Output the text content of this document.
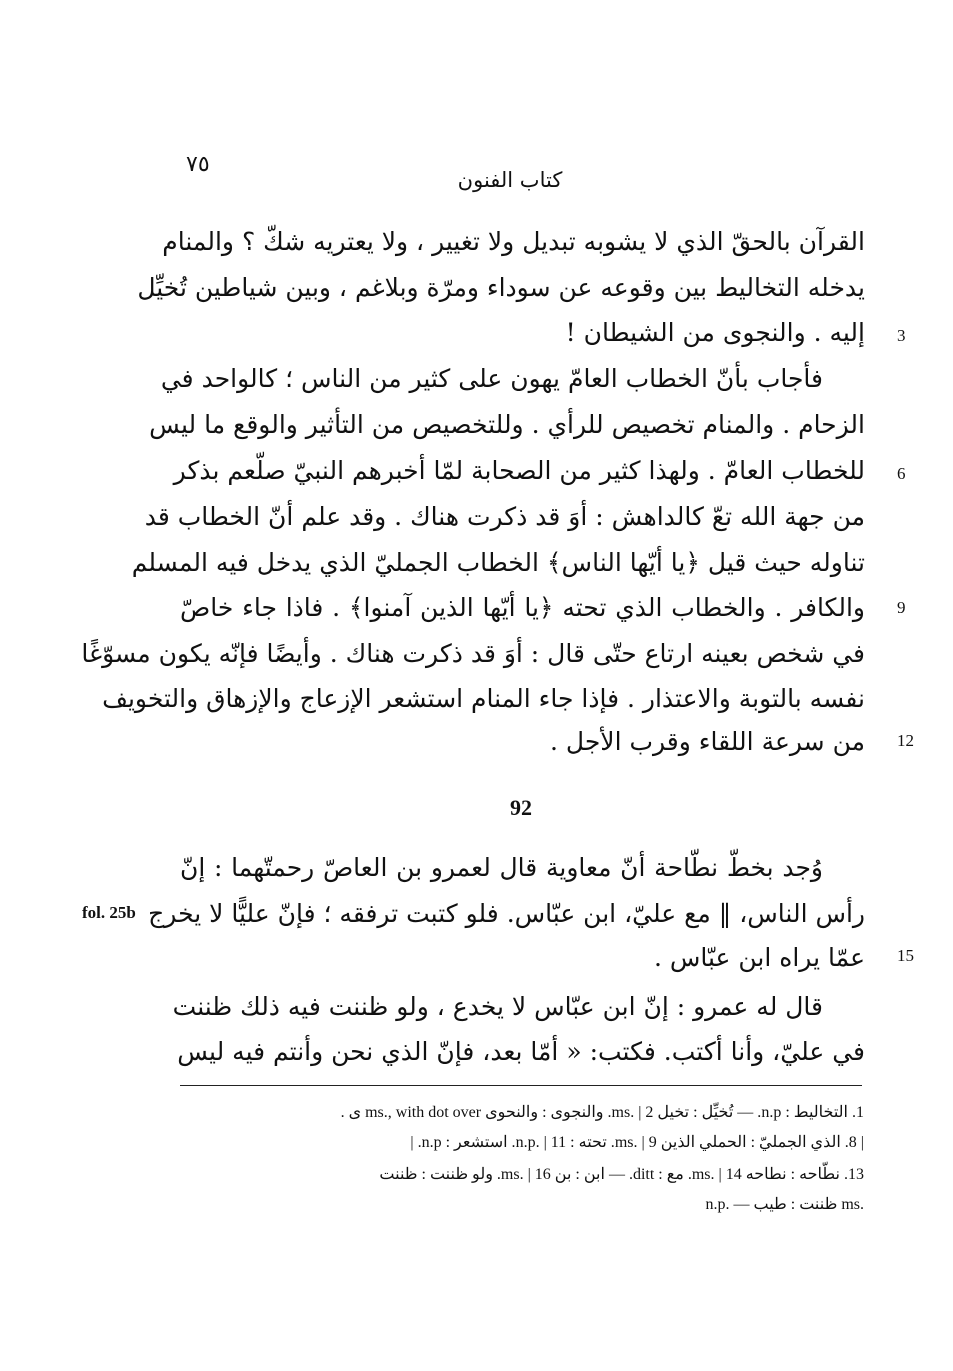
٧٥
كتاب الفنون
القرآن بالحقّ الذي لا يشوبه تبديل ولا تغيير ، ولا يعتريه شكّ ؟ والمنام
يدخله التخاليط بين وقوعه عن سوداء ومرّة وبلاغم ، وبين شياطين تُخيِّل
إليه . والنجوى من الشيطان !
فأجاب بأنّ الخطاب العامّ يهون على كثير من الناس ؛ كالواحد في
الزحام . والمنام تخصيص للرأي . وللتخصيص من التأثير والوقع ما ليس
للخطاب العامّ . ولهذا كثير من الصحابة لمّا أخبرهم النبيّ صلّعم بذكر
من جهة الله تعّ كالداهش : أوَ قد ذكرت هناك . وقد علم أنّ الخطاب قد
تناوله حيث قيل ﴿يا أيّها الناس﴾ الخطاب الجمليّ الذي يدخل فيه المسلم
والكافر . والخطاب الذي تحته ﴿يا أيّها الذين آمنوا﴾ . فاذا جاء خاصّ
في شخص بعينه ارتاع حتّى قال : أوَ قد ذكرت هناك . وأيضًا فإنّه يكون مسوّغًا
نفسه بالتوبة والاعتذار . فإذا جاء المنام استشعر الإزعاج والإزهاق والتخويف
من سرعة اللقاء وقرب الأجل .
92
وُجد بخطّ نطّاحة أنّ معاوية قال لعمرو بن العاصّ رحمتّهما : إنّ
رأس الناس، ‖ مع عليّ، ابن عبّاس. فلو كتبت ترفقه ؛ فإنّ عليًّا لا يخرج
عمّا يراه ابن عبّاس .
قال له عمرو : إنّ ابن عبّاس لا يخدع ، ولو ظننت فيه ذلك ظننت
في عليّ، وأنا أكتب. فكتب: « أمّا بعد، فإنّ الذي نحن وأنتم فيه ليس
3
6
9
12
15
fol. 25b
1. التخاليط : n.p. — تُخيِّل : تخيل ms. | 2. والنجوى : والنحوى ms., with dot over ى .
| 8. الذي الجمليّ : الحملي الذين ms. | 9. تحته : n.p. | 11. استشعر : n.p. |
13. نطّاحه : نطاحه ms. | 14. مع : ditt. — ابن : بن ms. | 16. ولو ظننت : ظننت
n.p. — ظننت : طيب ms.
